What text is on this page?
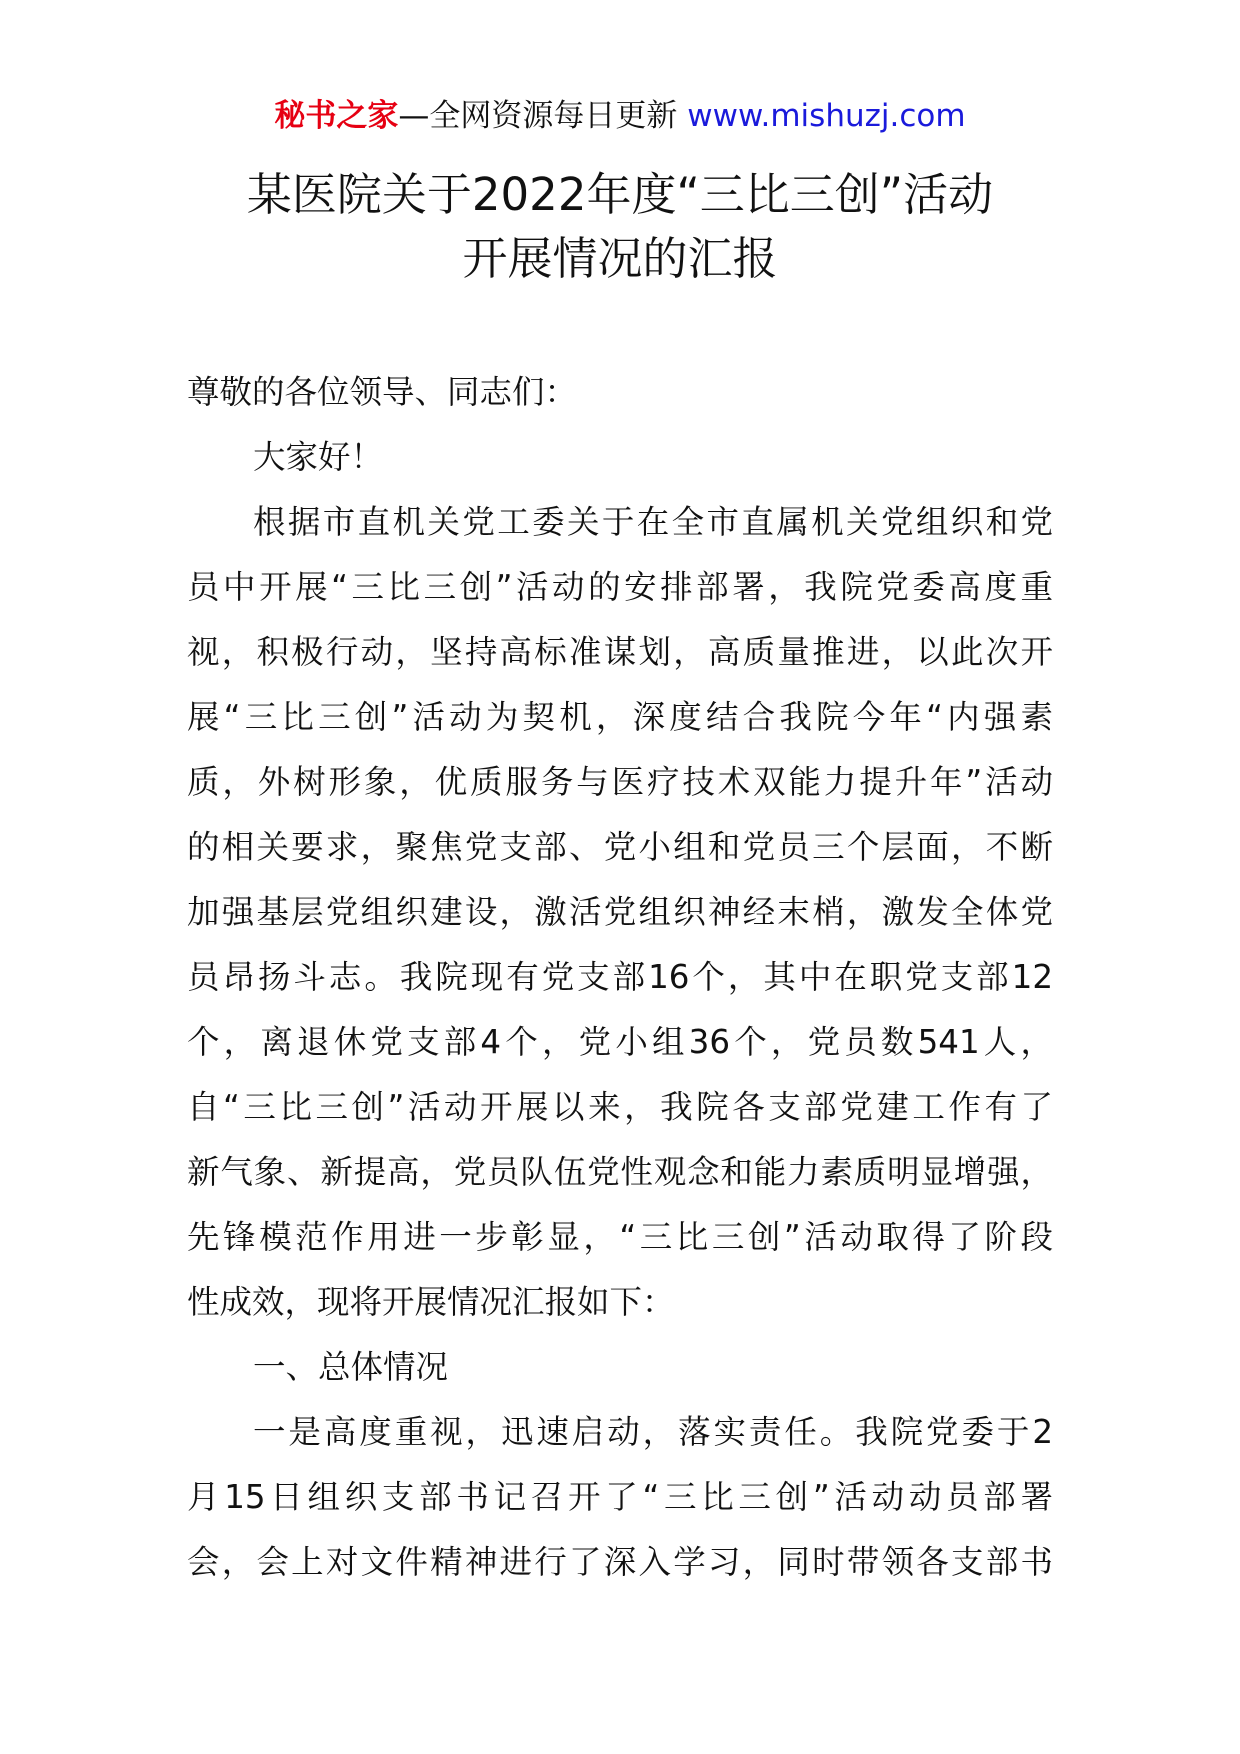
秘书之家—全网资源每日更新 www.mishuzj.com
某医院关于2022年度“三比三创”活动
开展情况的汇报
尊敬的各位领导、同志们：
大家好！
根据市直机关党工委关于在全市直属机关党组织和党
员中开展“三比三创”活动的安排部署，我院党委高度重
视，积极行动，坚持高标准谋划，高质量推进，以此次开
展“三比三创”活动为契机，深度结合我院今年“内强素
质，外树形象，优质服务与医疗技术双能力提升年”活动
的相关要求，聚焦党支部、党小组和党员三个层面，不断
加强基层党组织建设，激活党组织神经末梢，激发全体党
员昂扬斗志。我院现有党支部16个，其中在职党支部12
个，离退休党支部4个，党小组36个，党员数541人，
自“三比三创”活动开展以来，我院各支部党建工作有了
新气象、新提高，党员队伍党性观念和能力素质明显增强，
先锋模范作用进一步彰显，“三比三创”活动取得了阶段
性成效，现将开展情况汇报如下：
一、总体情况
一是高度重视，迅速启动，落实责任。我院党委于2
月15日组织支部书记召开了“三比三创”活动动员部署
会，会上对文件精神进行了深入学习，同时带领各支部书
